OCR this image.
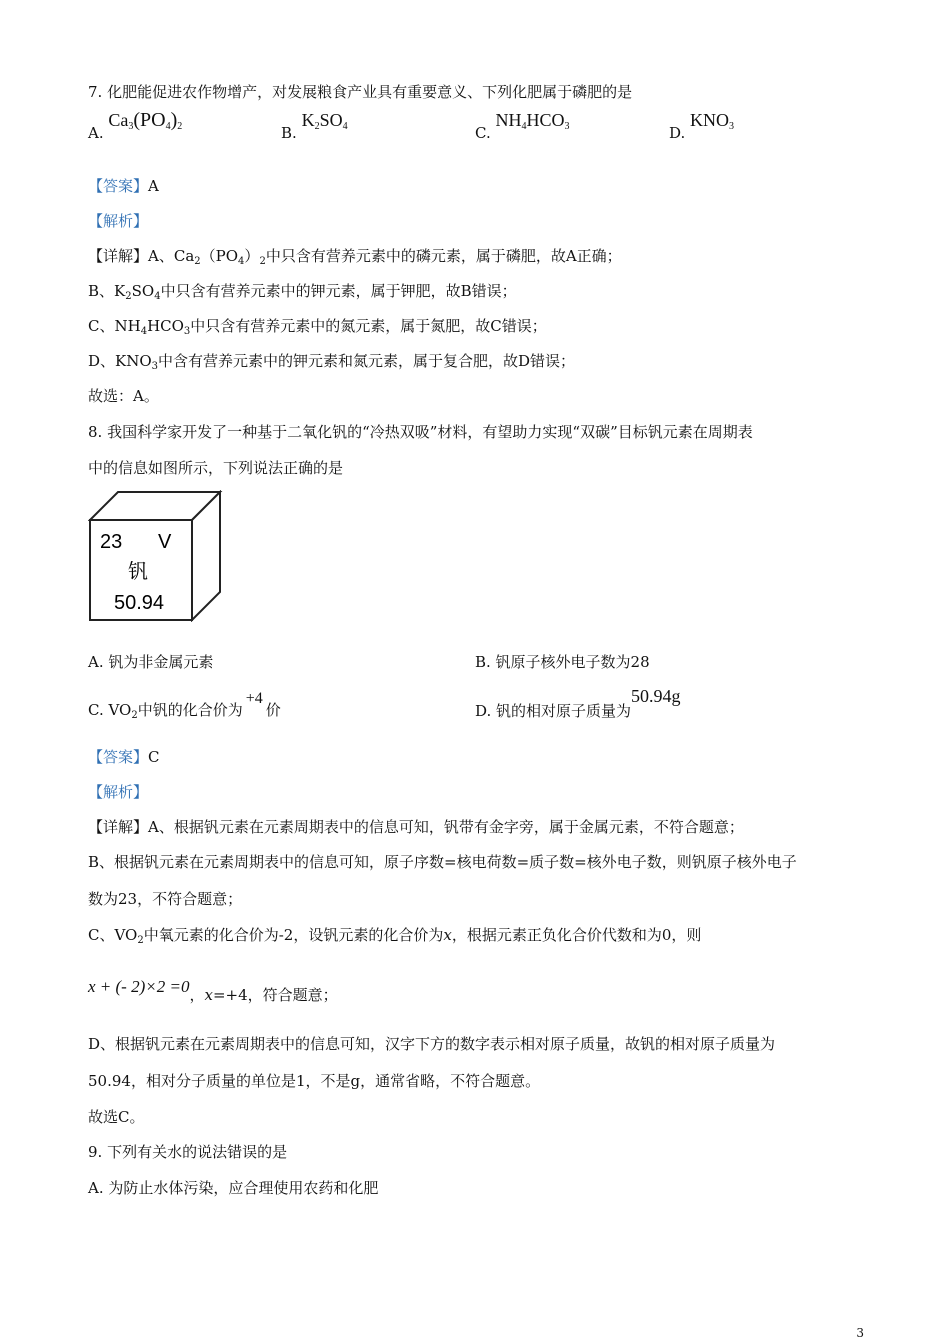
7. 化肥能促进农作物增产，对发展粮食产业具有重要意义、下列化肥属于磷肥的是
A. $Ca_3(PO_4)_2$	B. $K_2SO_4$	C. $NH_4HCO_3$	D. $KNO_3$
【答案】A
【解析】
【详解】A、$Ca_2(PO_4)_2$中只含有营养元素中的磷元素，属于磷肥，故A正确；
B、$K_2SO_4$中只含有营养元素中的钾元素，属于钾肥，故B错误；
C、$NH_4HCO_3$中只含有营养元素中的氮元素，属于氮肥，故C错误；
D、$KNO_3$中含有营养元素中的钾元素和氮元素，属于复合肥，故D错误；
故选：A。
8. 我国科学家开发了一种基于二氧化钒的“冷热双吸”材料，有望助力实现“双碳”目标钒元素在周期表
中的信息如图所示，下列说法正确的是
23 V
钒
50.94
A. 钒为非金属元素	B. 钒原子核外电子数为28
C. $VO_2$中钒的化合价为+4价	D. 钒的相对原子质量为50.94g
【答案】C
【解析】
【详解】A、根据钒元素在元素周期表中的信息可知，钒带有金字旁，属于金属元素，不符合题意；
B、根据钒元素在元素周期表中的信息可知，原子序数=核电荷数=质子数=核外电子数，则钒原子核外电子
数为23，不符合题意；
C、$VO_2$中氧元素的化合价为-2，设钒元素的化合价为x，根据元素正负化合价代数和为0，则
x + (- 2)×2 =0，x=+4，符合题意；
D、根据钒元素在元素周期表中的信息可知，汉字下方的数字表示相对原子质量，故钒的相对原子质量为
50.94，相对分子质量的单位是1，不是g，通常省略，不符合题意。
故选C。
9. 下列有关水的说法错误的是
A. 为防止水体污染，应合理使用农药和化肥
3
